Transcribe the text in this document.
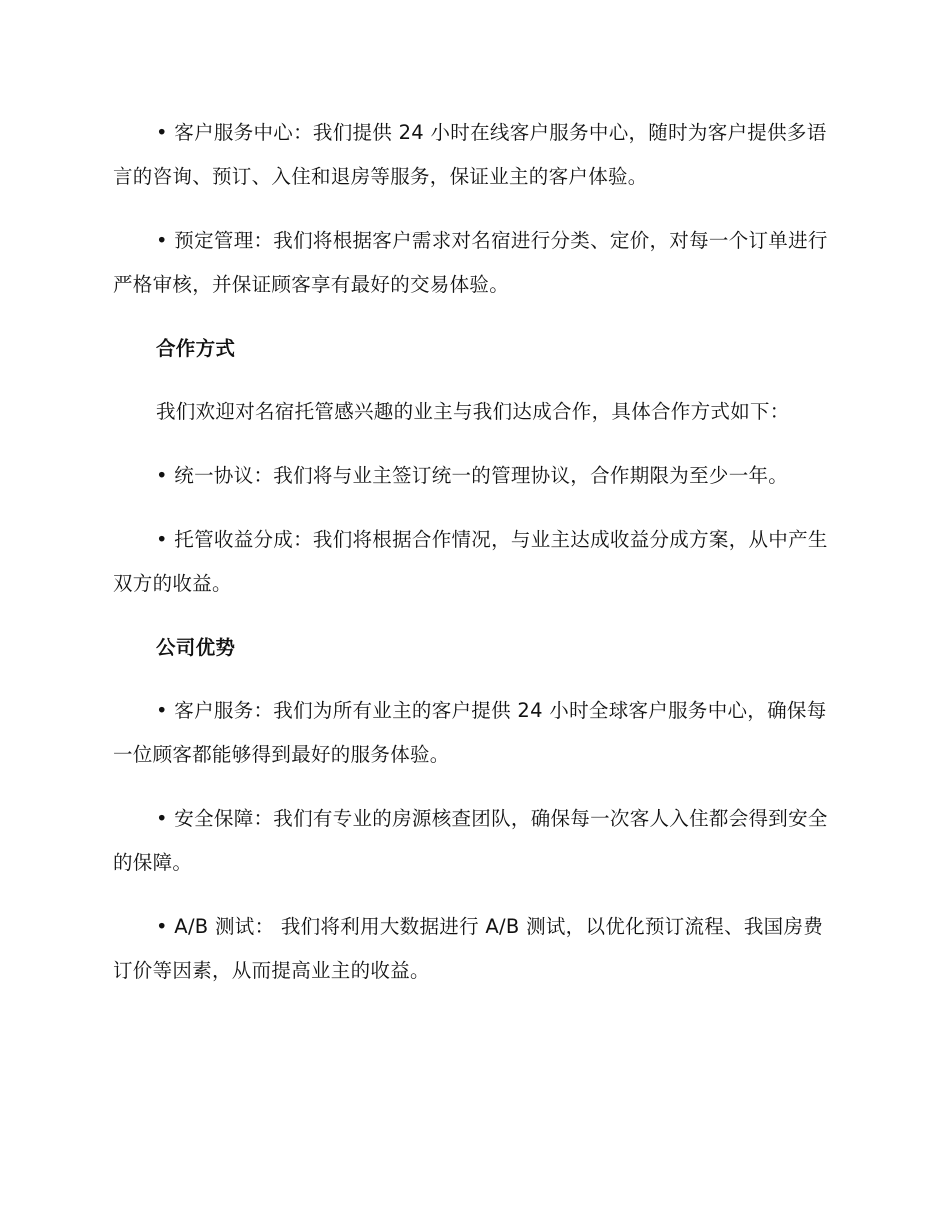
• 客户服务中心：我们提供 24 小时在线客户服务中心，随时为客户提供多语言的咨询、预订、入住和退房等服务，保证业主的客户体验。

• 预定管理：我们将根据客户需求对名宿进行分类、定价，对每一个订单进行严格审核，并保证顾客享有最好的交易体验。

合作方式

我们欢迎对名宿托管感兴趣的业主与我们达成合作，具体合作方式如下：

• 统一协议：我们将与业主签订统一的管理协议，合作期限为至少一年。

• 托管收益分成：我们将根据合作情况，与业主达成收益分成方案，从中产生双方的收益。

公司优势

• 客户服务：我们为所有业主的客户提供 24 小时全球客户服务中心，确保每一位顾客都能够得到最好的服务体验。

• 安全保障：我们有专业的房源核查团队，确保每一次客人入住都会得到安全的保障。

• A/B 测试： 我们将利用大数据进行 A/B 测试，以优化预订流程、我国房费订价等因素，从而提高业主的收益。
